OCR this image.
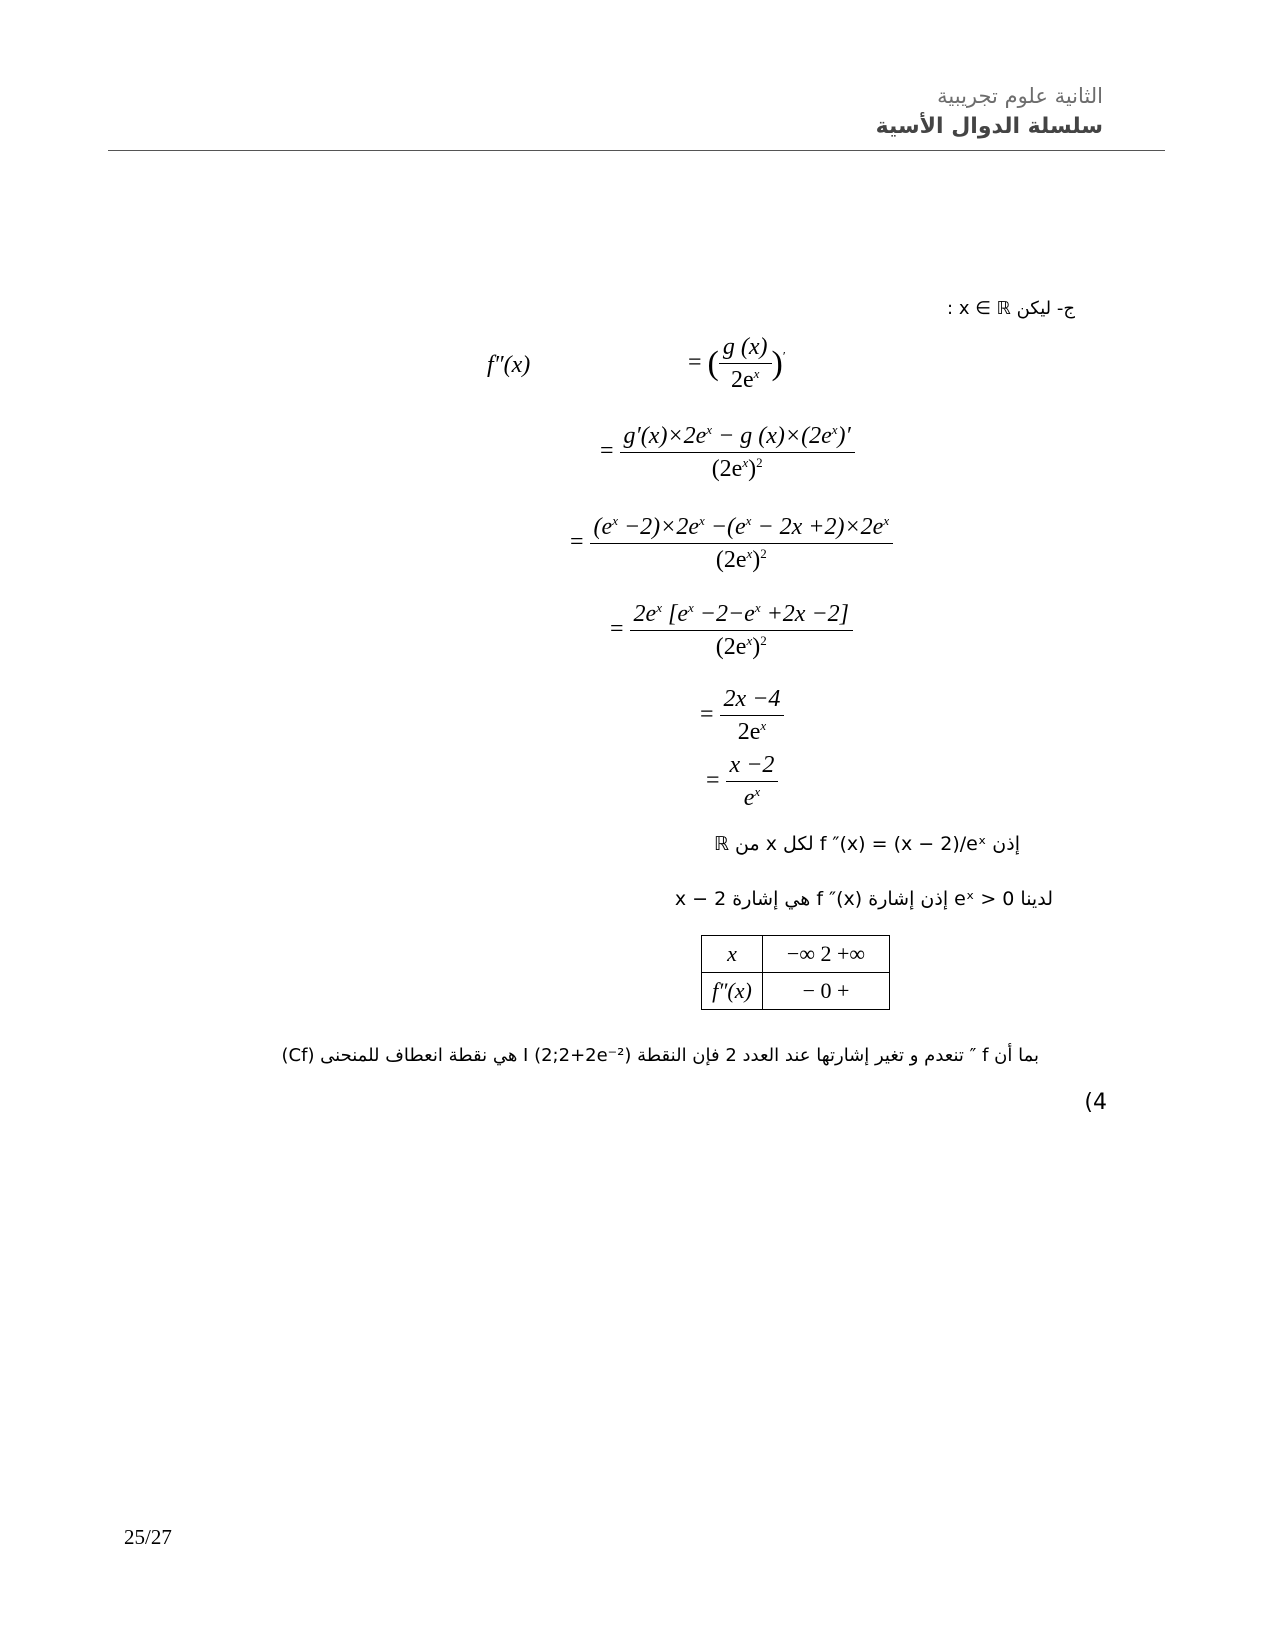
الثانية علوم تجريبية
سلسلة الدوال الأسية
ج- ليكن x ∈ ℝ :
f″(x)	= ( $\frac{g (x)}{2e^x} )'$
= $\frac{g'(x)\times 2e^x - g (x)\times(2e^x)'}{(2e^x)^2}$
= $\frac{(e^x -2)\times 2e^x -(e^x - 2x +2)\times 2e^x}{(2e^x)^2}$
= $\frac{2e^x [e^x -2-e^x +2x -2]}{(2e^x)^2}$
= $\frac{2x -4}{2e^x}$
= $\frac{x -2}{e^x}$
إذن f ″(x) = (x − 2)/eˣ لكل x من ℝ
لدينا eˣ > 0 إذن إشارة f ″(x) هي إشارة x − 2
x	−∞ 2 +∞
f″(x)	− 0 +
بما أن f ″ تنعدم و تغير إشارتها عند العدد 2 فإن النقطة I (2;2+2e⁻²) هي نقطة انعطاف للمنحنى (Cf)
(4
25/27
